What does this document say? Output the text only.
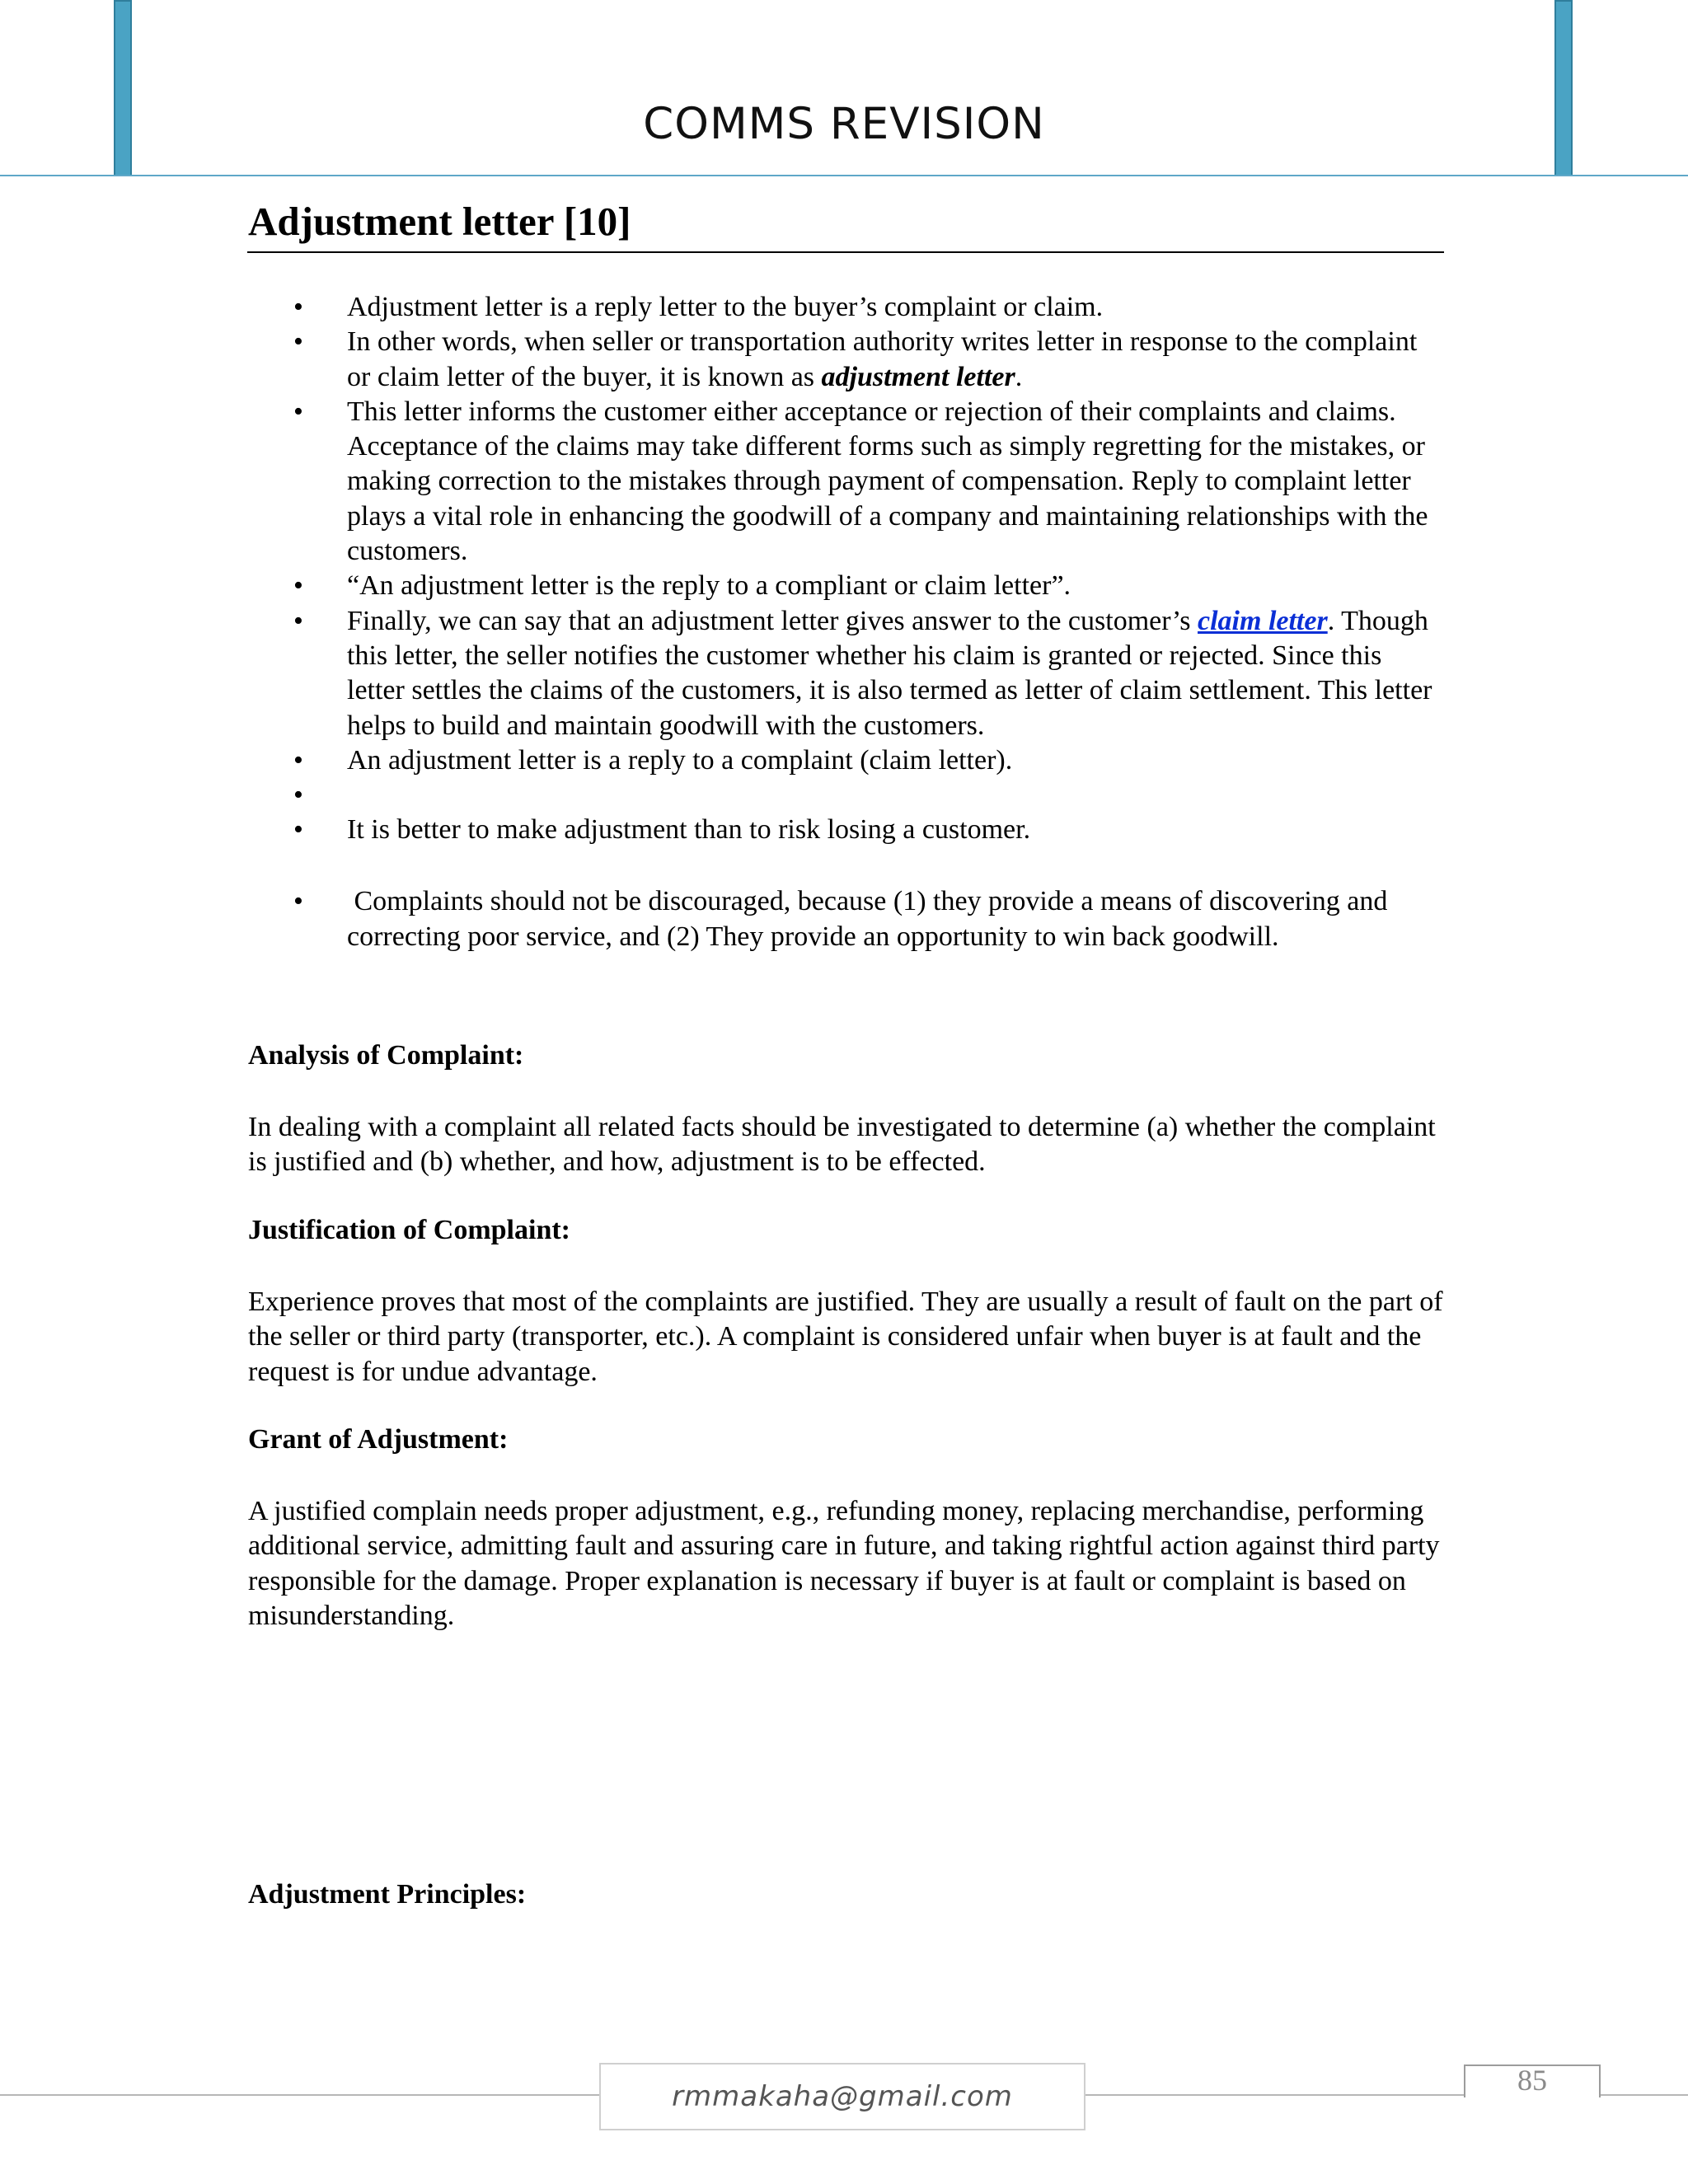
COMMS REVISION
Adjustment letter [10]
• Adjustment letter is a reply letter to the buyer’s complaint or claim.
• In other words, when seller or transportation authority writes letter in response to the complaint or claim letter of the buyer, it is known as adjustment letter.
• This letter informs the customer either acceptance or rejection of their complaints and claims. Acceptance of the claims may take different forms such as simply regretting for the mistakes, or making correction to the mistakes through payment of compensation. Reply to complaint letter plays a vital role in enhancing the goodwill of a company and maintaining relationships with the customers.
• “An adjustment letter is the reply to a compliant or claim letter”.
• Finally, we can say that an adjustment letter gives answer to the customer’s claim letter. Though this letter, the seller notifies the customer whether his claim is granted or rejected. Since this letter settles the claims of the customers, it is also termed as letter of claim settlement. This letter helps to build and maintain goodwill with the customers.
• An adjustment letter is a reply to a complaint (claim letter).
•
• It is better to make adjustment than to risk losing a customer.
• Complaints should not be discouraged, because (1) they provide a means of discovering and correcting poor service, and (2) They provide an opportunity to win back goodwill.
Analysis of Complaint:

In dealing with a complaint all related facts should be investigated to determine (a) whether the complaint is justified and (b) whether, and how, adjustment is to be effected.

Justification of Complaint:

Experience proves that most of the complaints are justified. They are usually a result of fault on the part of the seller or third party (transporter, etc.). A complaint is considered unfair when buyer is at fault and the request is for undue advantage.

Grant of Adjustment:

A justified complain needs proper adjustment, e.g., refunding money, replacing merchandise, performing additional service, admitting fault and assuring care in future, and taking rightful action against third party responsible for the damage. Proper explanation is necessary if buyer is at fault or complaint is based on misunderstanding.

Adjustment Principles:
rmmakaha@gmail.com	85
